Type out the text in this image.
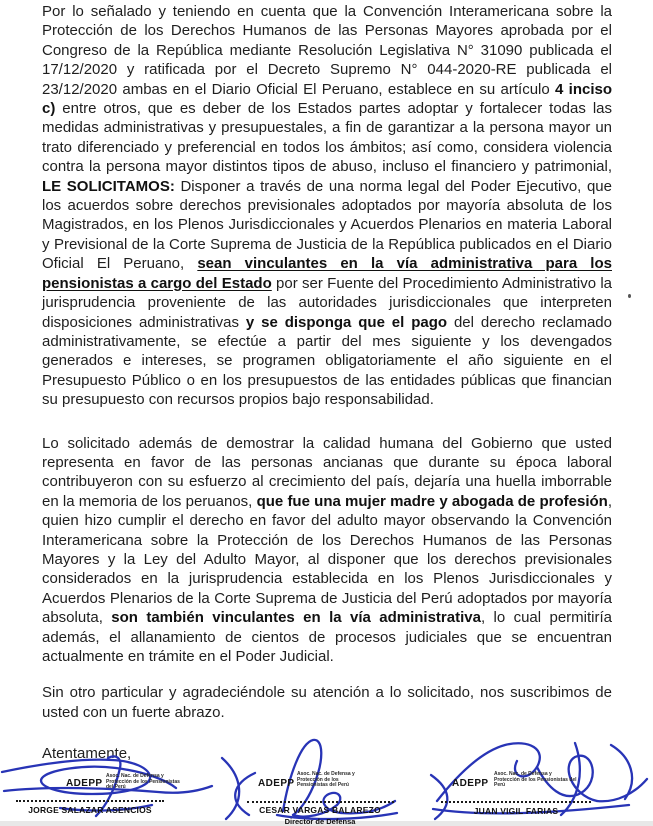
Por lo señalado y teniendo en cuenta que la Convención Interamericana sobre la Protección de los Derechos Humanos de las Personas Mayores aprobada por el Congreso de la República mediante Resolución Legislativa N° 31090 publicada el 17/12/2020 y ratificada por el Decreto Supremo N° 044-2020-RE publicada el 23/12/2020 ambas en el Diario Oficial El Peruano, establece en su artículo 4 inciso c) entre otros, que es deber de los Estados partes adoptar y fortalecer todas las medidas administrativas y presupuestales, a fin de garantizar a la persona mayor un trato diferenciado y preferencial en todos los ámbitos; así como, considera violencia contra la persona mayor distintos tipos de abuso, incluso el financiero y patrimonial, LE SOLICITAMOS: Disponer a través de una norma legal del Poder Ejecutivo, que los acuerdos sobre derechos previsionales adoptados por mayoría absoluta de los Magistrados, en los Plenos Jurisdiccionales y Acuerdos Plenarios en materia Laboral y Previsional de la Corte Suprema de Justicia de la República publicados en el Diario Oficial El Peruano, sean vinculantes en la vía administrativa para los pensionistas a cargo del Estado por ser Fuente del Procedimiento Administrativo la jurisprudencia proveniente de las autoridades jurisdiccionales que interpreten disposiciones administrativas y se disponga que el pago del derecho reclamado administrativamente, se efectúe a partir del mes siguiente y los devengados generados e intereses, se programen obligatoriamente el año siguiente en el Presupuesto Público o en los presupuestos de las entidades públicas que financian su presupuesto con recursos propios bajo responsabilidad.

Lo solicitado además de demostrar la calidad humana del Gobierno que usted representa en favor de las personas ancianas que durante su época laboral contribuyeron con su esfuerzo al crecimiento del país, dejaría una huella imborrable en la memoria de los peruanos, que fue una mujer madre y abogada de profesión, quien hizo cumplir el derecho en favor del adulto mayor observando la Convención Interamericana sobre la Protección de los Derechos Humanos de las Personas Mayores y la Ley del Adulto Mayor, al disponer que los derechos previsionales considerados en la jurisprudencia establecida en los Plenos Jurisdiccionales y Acuerdos Plenarios de la Corte Suprema de Justicia del Perú adoptados por mayoría absoluta, son también vinculantes en la vía administrativa, lo cual permitiría además, el allanamiento de cientos de procesos judiciales que se encuentran actualmente en trámite en el Poder Judicial.

Sin otro particular y agradeciéndole su atención a lo solicitado, nos suscribimos de usted con un fuerte abrazo.

Atentamente,

ADEPP
Asoc. Nac. de Defensa y Protección de los Pensionistas del Perú
JORGE SALAZAR ASENCIOS
ADEPP
Asoc. Nac. de Defensa y Protección de los Pensionistas del Perú
CESAR VARGAS BALAREZO
Director de Defensa
ADEPP
Asoc. Nac. de Defensa y Protección de los Pensionistas del Perú
JUAN VIGIL FARIAS
